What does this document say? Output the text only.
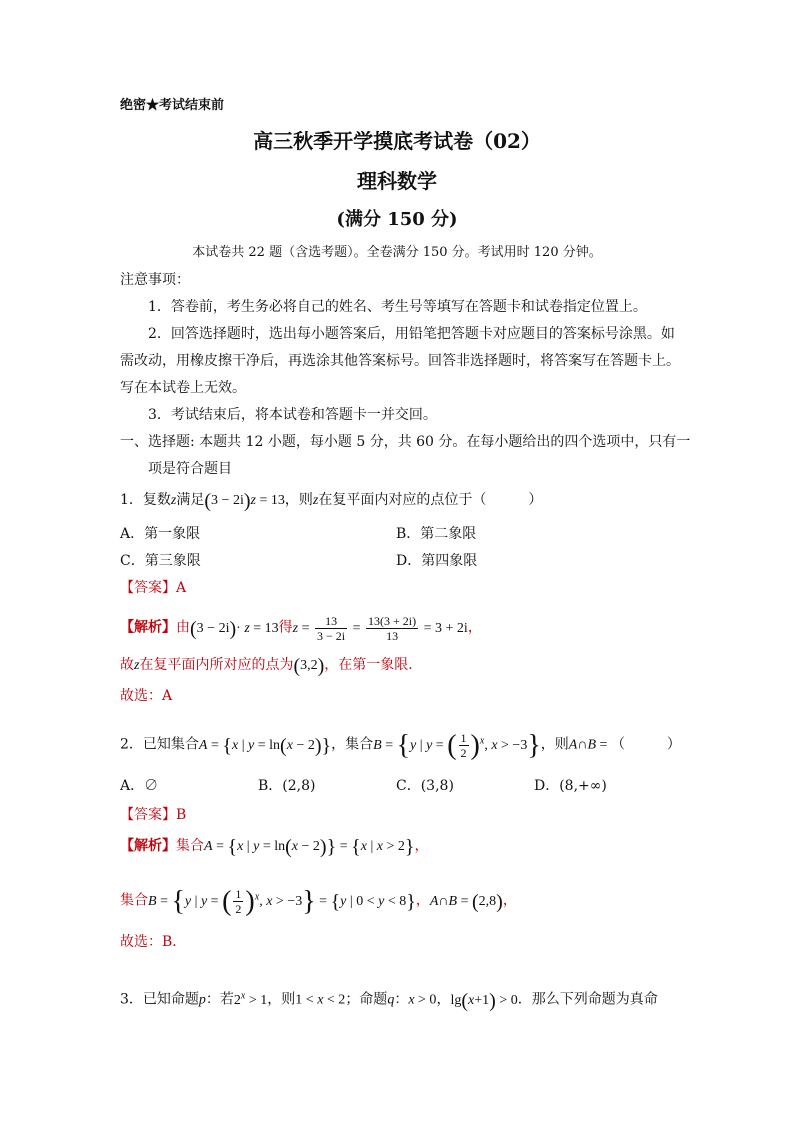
绝密★考试结束前
高三秋季开学摸底考试卷（02）
理科数学
(满分 150 分)
本试卷共 22 题（含选考题）。全卷满分 150 分。考试用时 120 分钟。
注意事项：
1．答卷前，考生务必将自己的姓名、考生号等填写在答题卡和试卷指定位置上。
2．回答选择题时，选出每小题答案后，用铅笔把答题卡对应题目的答案标号涂黑。如
需改动，用橡皮擦干净后，再选涂其他答案标号。回答非选择题时，将答案写在答题卡上。
写在本试卷上无效。
3．考试结束后，将本试卷和答题卡一并交回。
一、选择题: 本题共 12 小题，每小题 5 分，共 60 分。在每小题给出的四个选项中，只有一
项是符合题目
1．复数z满足(3 − 2i)z = 13，则z在复平面内对应的点位于（　　　）
A．第一象限	B．第二象限
C．第三象限	D．第四象限
【答案】A
【解析】由(3 − 2i)· z = 13得$z = \frac{13}{3 - 2i} = \frac{13(3 + 2i)}{13} = 3 + 2i$，
故z在复平面内所对应的点为(3,2)，在第一象限.
故选：A
2．已知集合A = {x | y = ln(x − 2)}，集合B = {y | y = ( $\frac{1}{2} )^x$, x > −3}，则A∩B = （　　　）
A．∅	B．(2,8)	C．(3,8)	D．(8,+∞)
【答案】B
【解析】集合A = {x | y = ln(x − 2)} = {x | x > 2}，
集合B = {y | y = ( $\frac{1}{2} )^x$, x > −3} = {y | 0 < y < 8}，A∩B = (2,8)，
故选：B．
3．已知命题p：若$2^x > 1$，则1 < x < 2；命题q：x > 0，lg(x+1) > 0．那么下列命题为真命
